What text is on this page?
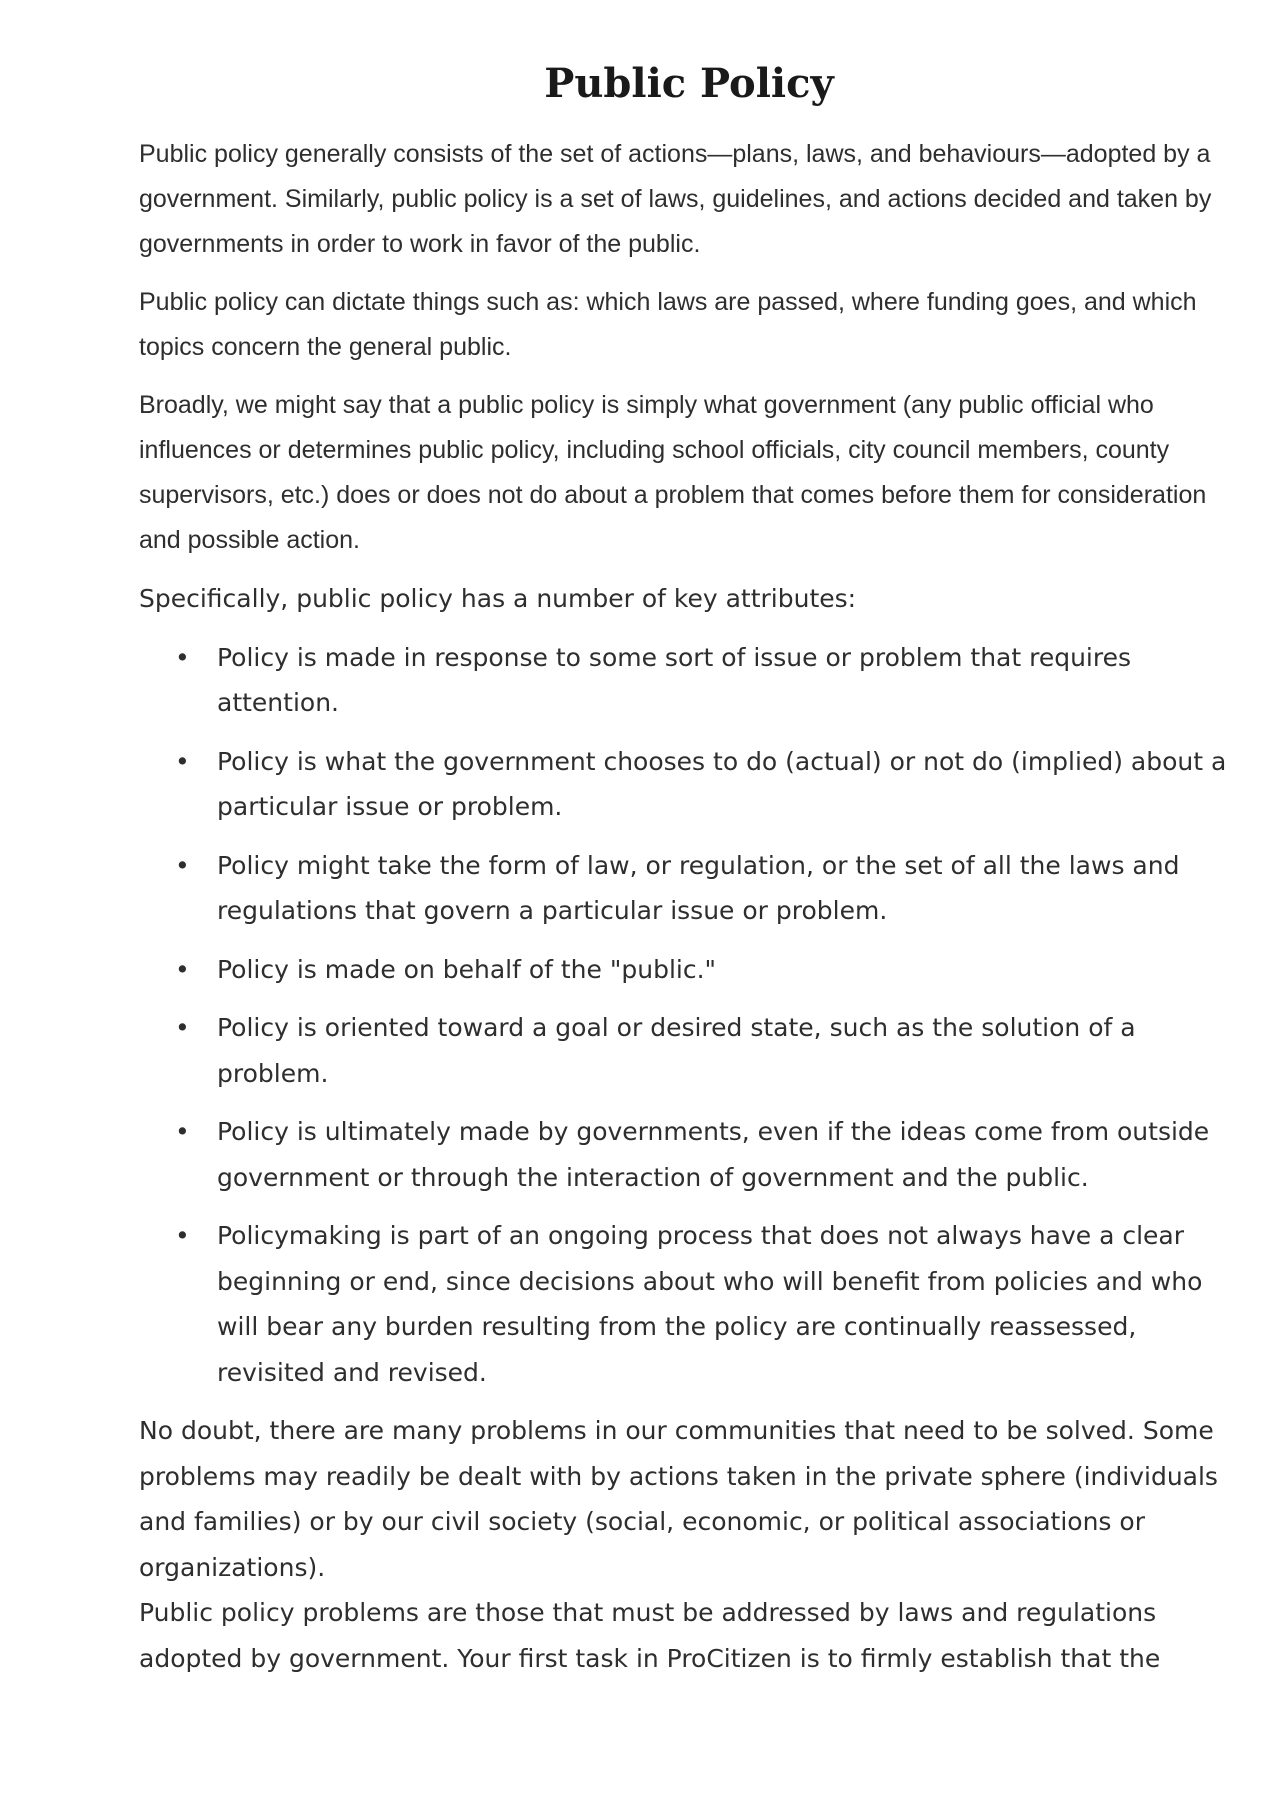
Public Policy

Public policy generally consists of the set of actions—plans, laws, and behaviours—adopted by a government. Similarly, public policy is a set of laws, guidelines, and actions decided and taken by governments in order to work in favor of the public.

Public policy can dictate things such as: which laws are passed, where funding goes, and which topics concern the general public.

Broadly, we might say that a public policy is simply what government (any public official who influences or determines public policy, including school officials, city council members, county supervisors, etc.) does or does not do about a problem that comes before them for consideration and possible action.

Specifically, public policy has a number of key attributes:

• Policy is made in response to some sort of issue or problem that requires attention.
• Policy is what the government chooses to do (actual) or not do (implied) about a particular issue or problem.
• Policy might take the form of law, or regulation, or the set of all the laws and regulations that govern a particular issue or problem.
• Policy is made on behalf of the "public."
• Policy is oriented toward a goal or desired state, such as the solution of a problem.
• Policy is ultimately made by governments, even if the ideas come from outside government or through the interaction of government and the public.
• Policymaking is part of an ongoing process that does not always have a clear beginning or end, since decisions about who will benefit from policies and who will bear any burden resulting from the policy are continually reassessed, revisited and revised.

No doubt, there are many problems in our communities that need to be solved. Some problems may readily be dealt with by actions taken in the private sphere (individuals and families) or by our civil society (social, economic, or political associations or organizations).

Public policy problems are those that must be addressed by laws and regulations adopted by government. Your first task in ProCitizen is to firmly establish that the
